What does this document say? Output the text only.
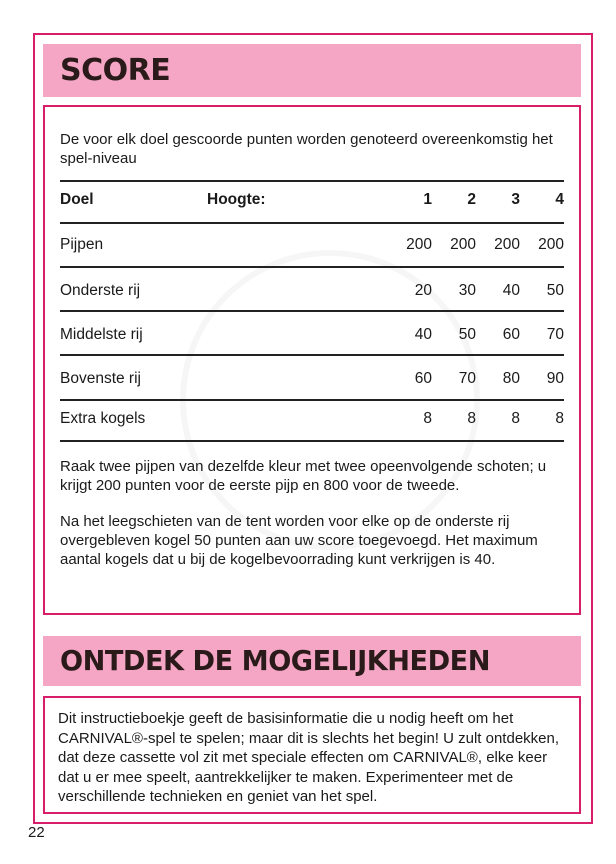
SCORE

De voor elk doel gescoorde punten worden genoteerd overeenkomstig het spel-niveau

Doel	Hoogte:	1	2	3	4
Pijpen	200	200	200	200
Onderste rij	20	30	40	50
Middelste rij	40	50	60	70
Bovenste rij	60	70	80	90
Extra kogels	8	8	8	8

Raak twee pijpen van dezelfde kleur met twee opeenvolgende schoten; u krijgt 200 punten voor de eerste pijp en 800 voor de tweede.

Na het leegschieten van de tent worden voor elke op de onderste rij overgebleven kogel 50 punten aan uw score toegevoegd. Het maximum aantal kogels dat u bij de kogelbevoorrading kunt verkrijgen is 40.

ONTDEK DE MOGELIJKHEDEN

Dit instructieboekje geeft de basisinformatie die u nodig heeft om het CARNIVAL®-spel te spelen; maar dit is slechts het begin! U zult ontdekken, dat deze cassette vol zit met speciale effecten om CARNIVAL®, elke keer dat u er mee speelt, aantrekkelijker te maken. Experimenteer met de verschillende technieken en geniet van het spel.

22
